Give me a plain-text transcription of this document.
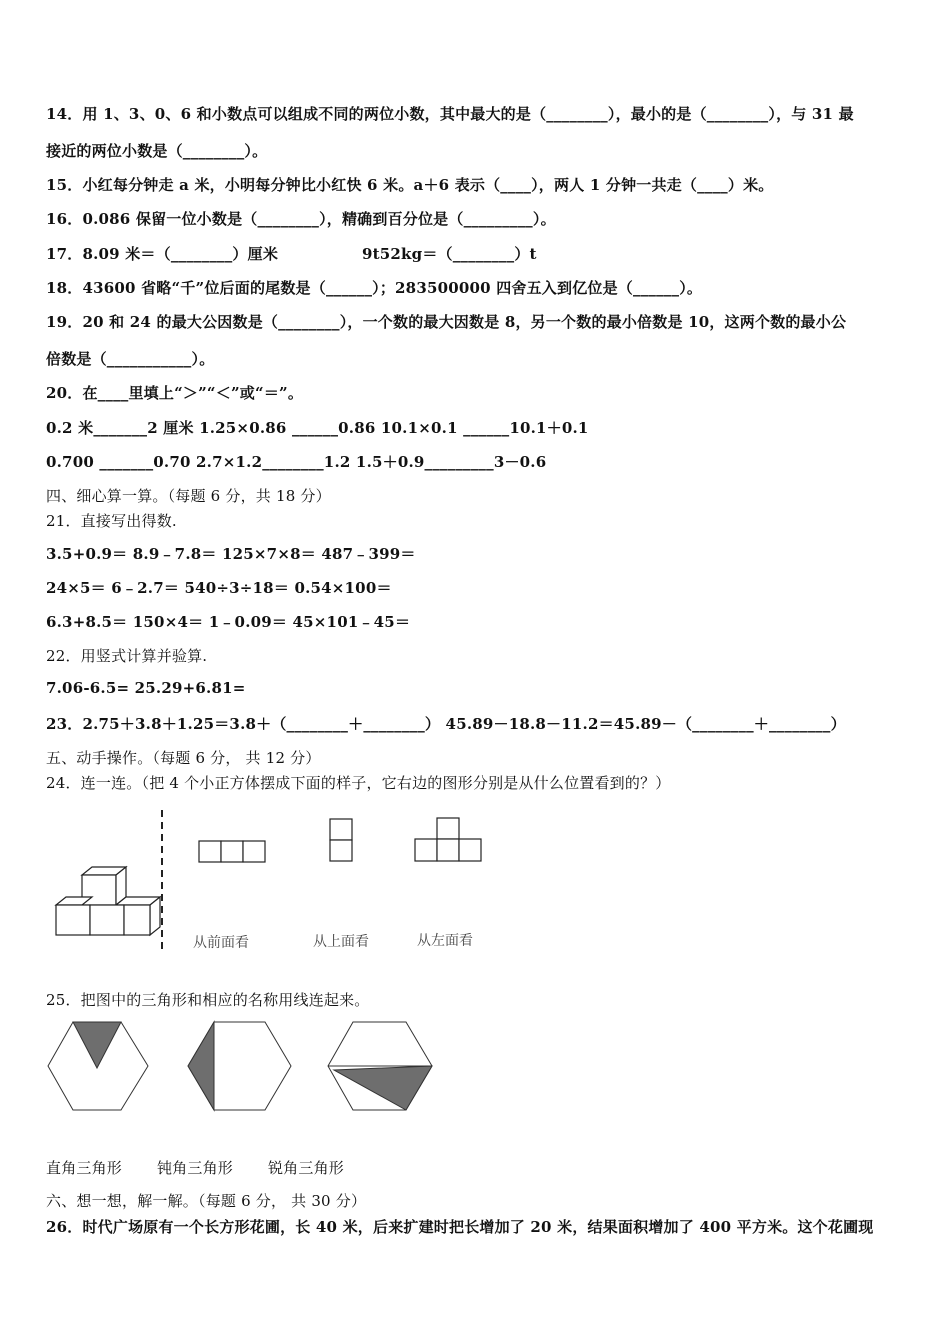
14．用 1、3、0、6 和小数点可以组成不同的两位小数，其中最大的是（________），最小的是（________），与 31 最
接近的两位小数是（________）。
15．小红每分钟走 a 米，小明每分钟比小红快 6 米。a＋6 表示（____），两人 1 分钟一共走（____）米。
16．0.086 保留一位小数是（________），精确到百分位是（_________）。
17．8.09 米＝（________）厘米	9t52kg＝（________）t
18．43600 省略“千”位后面的尾数是（______）；283500000 四舍五入到亿位是（______）。
19．20 和 24 的最大公因数是（________），一个数的最大因数是 8，另一个数的最小倍数是 10，这两个数的最小公
倍数是（___________）。
20．在____里填上“＞”“＜”或“＝”。
0.2 米_______2 厘米 1.25×0.86 ______0.86 10.1×0.1 ______10.1＋0.1
0.700 _______0.70 2.7×1.2________1.2 1.5＋0.9_________3－0.6
四、细心算一算。（每题 6 分，共 18 分）
21．直接写出得数.
3.5+0.9＝ 8.9﹣7.8＝ 125×7×8＝ 487﹣399＝
24×5＝ 6﹣2.7＝ 540÷3÷18＝ 0.54×100＝
6.3+8.5＝ 150×4＝ 1﹣0.09＝ 45×101﹣45＝
22．用竖式计算并验算.
7.06-6.5= 25.29+6.81=
23．2.75＋3.8＋1.25＝3.8＋（________＋________） 45.89－18.8－11.2＝45.89－（________＋________）
五、动手操作。（每题 6 分， 共 12 分）
24．连一连。（把 4 个小正方体摆成下面的样子，它右边的图形分别是从什么位置看到的？）
从前面看	从上面看	从左面看
25．把图中的三角形和相应的名称用线连起来。
直角三角形 钝角三角形 锐角三角形
六、想一想，解一解。（每题 6 分， 共 30 分）
26．时代广场原有一个长方形花圃，长 40 米，后来扩建时把长增加了 20 米，结果面积增加了 400 平方米。这个花圃现
